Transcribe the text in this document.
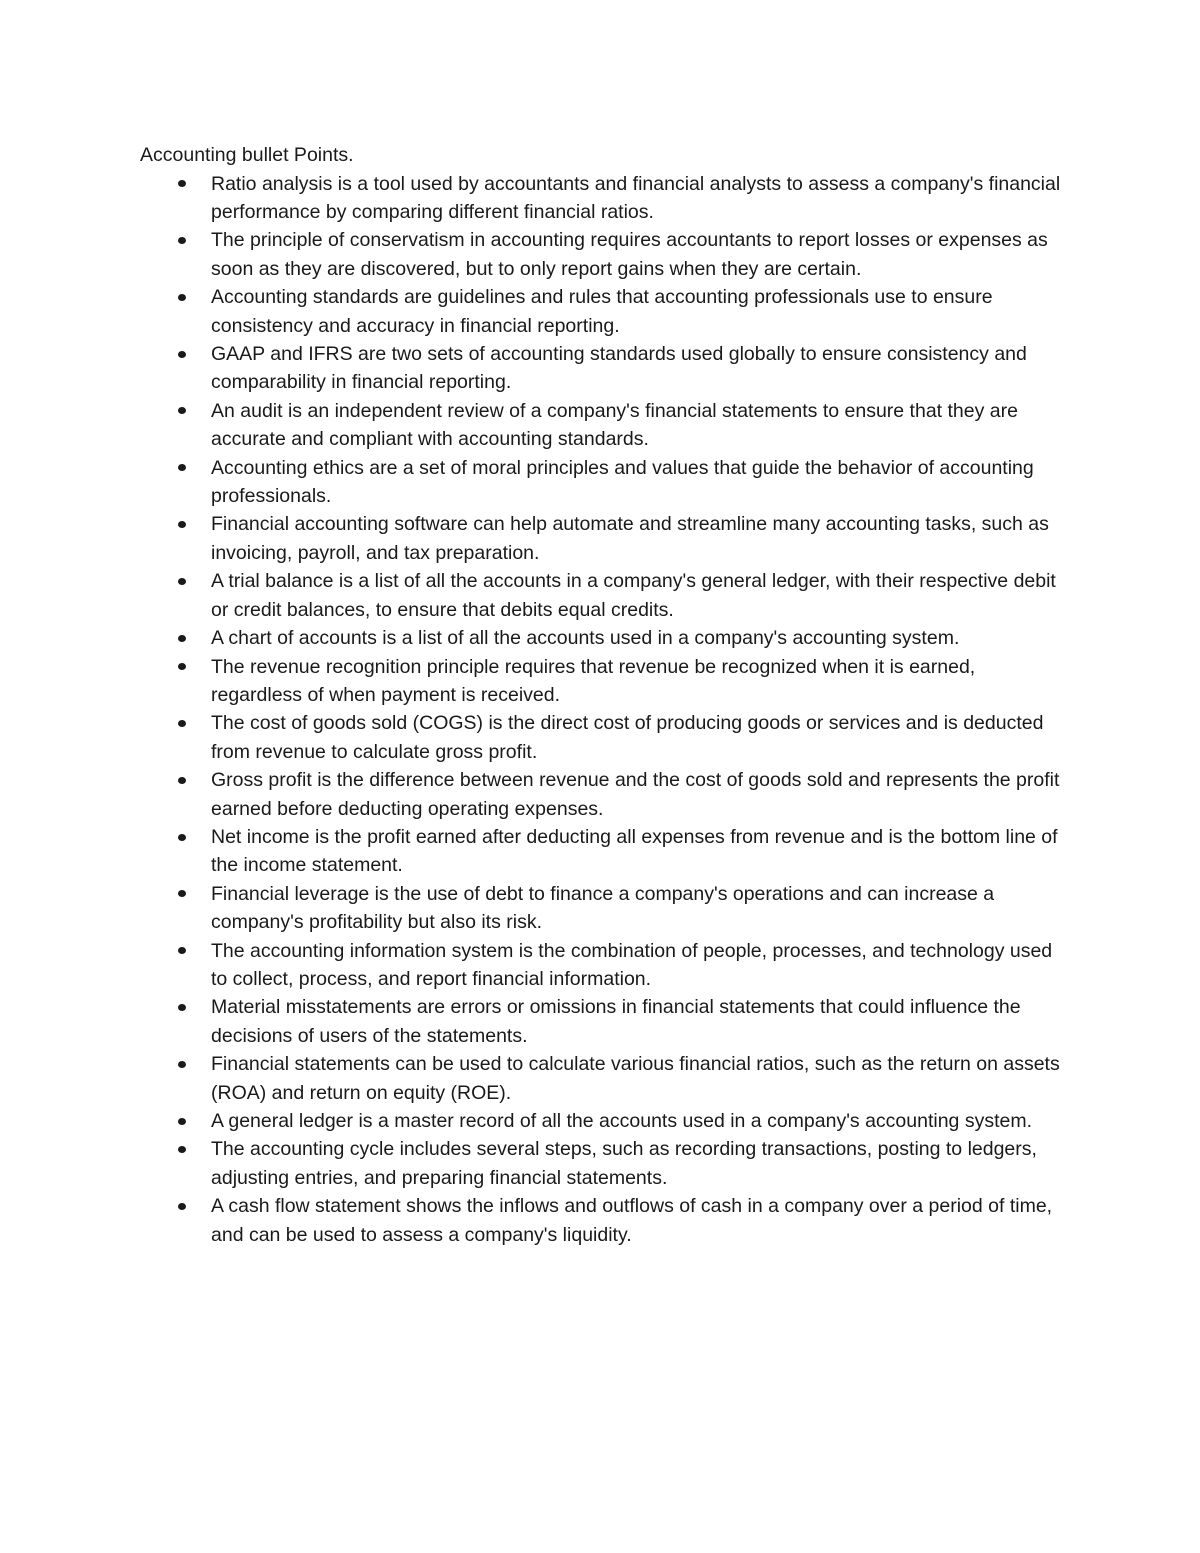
Accounting bullet Points.
Ratio analysis is a tool used by accountants and financial analysts to assess a company's financial performance by comparing different financial ratios.
The principle of conservatism in accounting requires accountants to report losses or expenses as soon as they are discovered, but to only report gains when they are certain.
Accounting standards are guidelines and rules that accounting professionals use to ensure consistency and accuracy in financial reporting.
GAAP and IFRS are two sets of accounting standards used globally to ensure consistency and comparability in financial reporting.
An audit is an independent review of a company's financial statements to ensure that they are accurate and compliant with accounting standards.
Accounting ethics are a set of moral principles and values that guide the behavior of accounting professionals.
Financial accounting software can help automate and streamline many accounting tasks, such as invoicing, payroll, and tax preparation.
A trial balance is a list of all the accounts in a company's general ledger, with their respective debit or credit balances, to ensure that debits equal credits.
A chart of accounts is a list of all the accounts used in a company's accounting system.
The revenue recognition principle requires that revenue be recognized when it is earned, regardless of when payment is received.
The cost of goods sold (COGS) is the direct cost of producing goods or services and is deducted from revenue to calculate gross profit.
Gross profit is the difference between revenue and the cost of goods sold and represents the profit earned before deducting operating expenses.
Net income is the profit earned after deducting all expenses from revenue and is the bottom line of the income statement.
Financial leverage is the use of debt to finance a company's operations and can increase a company's profitability but also its risk.
The accounting information system is the combination of people, processes, and technology used to collect, process, and report financial information.
Material misstatements are errors or omissions in financial statements that could influence the decisions of users of the statements.
Financial statements can be used to calculate various financial ratios, such as the return on assets (ROA) and return on equity (ROE).
A general ledger is a master record of all the accounts used in a company's accounting system.
The accounting cycle includes several steps, such as recording transactions, posting to ledgers, adjusting entries, and preparing financial statements.
A cash flow statement shows the inflows and outflows of cash in a company over a period of time, and can be used to assess a company's liquidity.
